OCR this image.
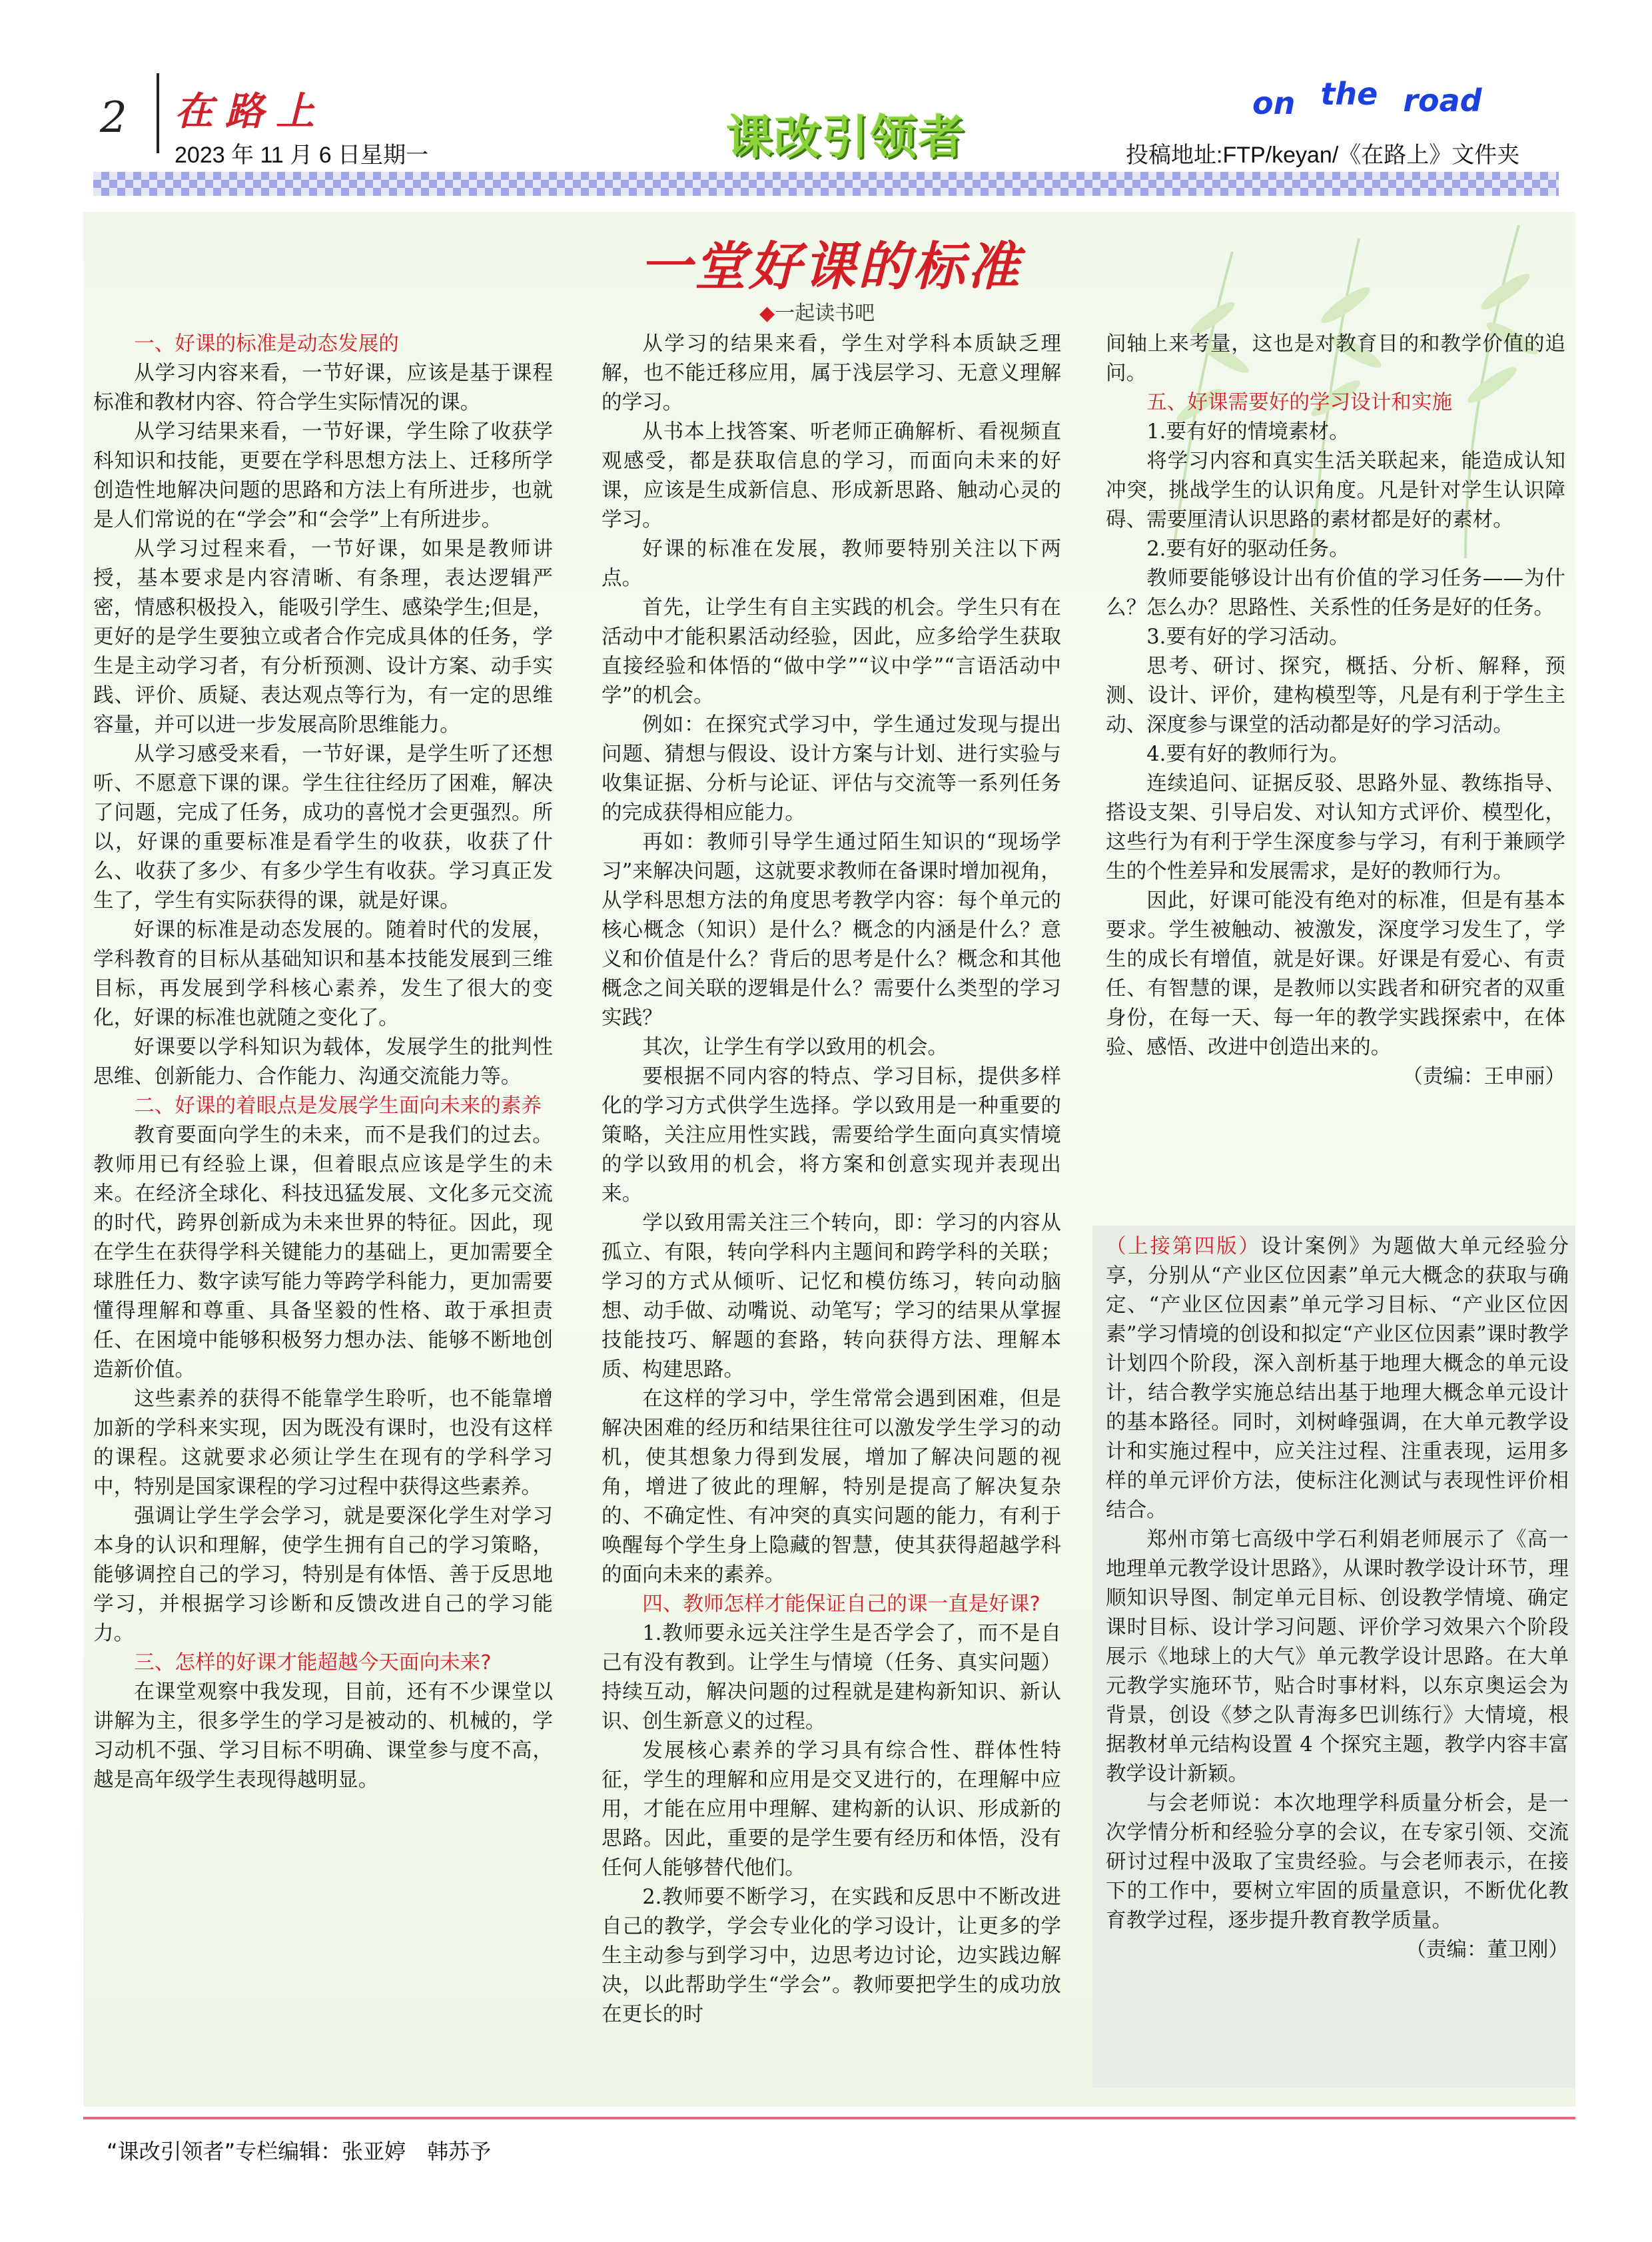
2 在路上
2023 年 11 月 6 日星期一	课改引领者
on the road
投稿地址:FTP/keyan/《在路上》文件夹
一堂好课的标准
◆一起读书吧
一、好课的标准是动态发展的

从学习内容来看，一节好课，应该是基于课程标准和教材内容、符合学生实际情况的课。

从学习结果来看，一节好课，学生除了收获学科知识和技能，更要在学科思想方法上、迁移所学创造性地解决问题的思路和方法上有所进步，也就是人们常说的在“学会”和“会学”上有所进步。

从学习过程来看，一节好课，如果是教师讲授，基本要求是内容清晰、有条理，表达逻辑严密，情感积极投入，能吸引学生、感染学生;但是，更好的是学生要独立或者合作完成具体的任务，学生是主动学习者，有分析预测、设计方案、动手实践、评价、质疑、表达观点等行为，有一定的思维容量，并可以进一步发展高阶思维能力。

从学习感受来看，一节好课，是学生听了还想听、不愿意下课的课。学生往往经历了困难，解决了问题，完成了任务，成功的喜悦才会更强烈。所以，好课的重要标准是看学生的收获，收获了什么、收获了多少、有多少学生有收获。学习真正发生了，学生有实际获得的课，就是好课。

好课的标准是动态发展的。随着时代的发展，学科教育的目标从基础知识和基本技能发展到三维目标，再发展到学科核心素养，发生了很大的变化，好课的标准也就随之变化了。

好课要以学科知识为载体，发展学生的批判性思维、创新能力、合作能力、沟通交流能力等。

二、好课的着眼点是发展学生面向未来的素养

教育要面向学生的未来，而不是我们的过去。教师用已有经验上课，但着眼点应该是学生的未来。在经济全球化、科技迅猛发展、文化多元交流的时代，跨界创新成为未来世界的特征。因此，现在学生在获得学科关键能力的基础上，更加需要全球胜任力、数字读写能力等跨学科能力，更加需要懂得理解和尊重、具备坚毅的性格、敢于承担责任、在困境中能够积极努力想办法、能够不断地创造新价值。

这些素养的获得不能靠学生聆听，也不能靠增加新的学科来实现，因为既没有课时，也没有这样的课程。这就要求必须让学生在现有的学科学习中，特别是国家课程的学习过程中获得这些素养。

强调让学生学会学习，就是要深化学生对学习本身的认识和理解，使学生拥有自己的学习策略，能够调控自己的学习，特别是有体悟、善于反思地学习，并根据学习诊断和反馈改进自己的学习能力。

三、怎样的好课才能超越今天面向未来?

在课堂观察中我发现，目前，还有不少课堂以讲解为主，很多学生的学习是被动的、机械的，学习动机不强、学习目标不明确、课堂参与度不高，越是高年级学生表现得越明显。

从学习的结果来看，学生对学科本质缺乏理解，也不能迁移应用，属于浅层学习、无意义理解的学习。

从书本上找答案、听老师正确解析、看视频直观感受，都是获取信息的学习，而面向未来的好课，应该是生成新信息、形成新思路、触动心灵的学习。

好课的标准在发展，教师要特别关注以下两点。

首先，让学生有自主实践的机会。学生只有在活动中才能积累活动经验，因此，应多给学生获取直接经验和体悟的“做中学”“议中学”“言语活动中学”的机会。

例如：在探究式学习中，学生通过发现与提出问题、猜想与假设、设计方案与计划、进行实验与收集证据、分析与论证、评估与交流等一系列任务的完成获得相应能力。

再如：教师引导学生通过陌生知识的“现场学习”来解决问题，这就要求教师在备课时增加视角，从学科思想方法的角度思考教学内容：每个单元的核心概念（知识）是什么？概念的内涵是什么？意义和价值是什么？背后的思考是什么？概念和其他概念之间关联的逻辑是什么？需要什么类型的学习实践？

其次，让学生有学以致用的机会。

要根据不同内容的特点、学习目标，提供多样化的学习方式供学生选择。学以致用是一种重要的策略，关注应用性实践，需要给学生面向真实情境的学以致用的机会，将方案和创意实现并表现出来。

学以致用需关注三个转向，即：学习的内容从孤立、有限，转向学科内主题间和跨学科的关联；学习的方式从倾听、记忆和模仿练习，转向动脑想、动手做、动嘴说、动笔写；学习的结果从掌握技能技巧、解题的套路，转向获得方法、理解本质、构建思路。

在这样的学习中，学生常常会遇到困难，但是解决困难的经历和结果往往可以激发学生学习的动机，使其想象力得到发展，增加了解决问题的视角，增进了彼此的理解，特别是提高了解决复杂的、不确定性、有冲突的真实问题的能力，有利于唤醒每个学生身上隐藏的智慧，使其获得超越学科的面向未来的素养。

四、教师怎样才能保证自己的课一直是好课?

1.教师要永远关注学生是否学会了，而不是自己有没有教到。让学生与情境（任务、真实问题）持续互动，解决问题的过程就是建构新知识、新认识、创生新意义的过程。

发展核心素养的学习具有综合性、群体性特征，学生的理解和应用是交叉进行的，在理解中应用，才能在应用中理解、建构新的认识、形成新的思路。因此，重要的是学生要有经历和体悟，没有任何人能够替代他们。

2.教师要不断学习，在实践和反思中不断改进自己的教学，学会专业化的学习设计，让更多的学生主动参与到学习中，边思考边讨论，边实践边解决，以此帮助学生“学会”。教师要把学生的成功放在更长的时

间轴上来考量，这也是对教育目的和教学价值的追问。

五、好课需要好的学习设计和实施

1.要有好的情境素材。

将学习内容和真实生活关联起来，能造成认知冲突，挑战学生的认识角度。凡是针对学生认识障碍、需要厘清认识思路的素材都是好的素材。

2.要有好的驱动任务。

教师要能够设计出有价值的学习任务——为什么？怎么办？思路性、关系性的任务是好的任务。

3.要有好的学习活动。

思考、研讨、探究，概括、分析、解释，预测、设计、评价，建构模型等，凡是有利于学生主动、深度参与课堂的活动都是好的学习活动。

4.要有好的教师行为。

连续追问、证据反驳、思路外显、教练指导、搭设支架、引导启发、对认知方式评价、模型化，这些行为有利于学生深度参与学习，有利于兼顾学生的个性差异和发展需求，是好的教师行为。

因此，好课可能没有绝对的标准，但是有基本要求。学生被触动、被激发，深度学习发生了，学生的成长有增值，就是好课。好课是有爱心、有责任、有智慧的课，是教师以实践者和研究者的双重身份，在每一天、每一年的教学实践探索中，在体验、感悟、改进中创造出来的。

（责编：王申丽）

（上接第四版）设计案例》为题做大单元经验分享，分别从“产业区位因素”单元大概念的获取与确定、“产业区位因素”单元学习目标、“产业区位因素”学习情境的创设和拟定“产业区位因素”课时教学计划四个阶段，深入剖析基于地理大概念的单元设计，结合教学实施总结出基于地理大概念单元设计的基本路径。同时，刘树峰强调，在大单元教学设计和实施过程中，应关注过程、注重表现，运用多样的单元评价方法，使标注化测试与表现性评价相结合。

郑州市第七高级中学石利娟老师展示了《高一地理单元教学设计思路》，从课时教学设计环节，理顺知识导图、制定单元目标、创设教学情境、确定课时目标、设计学习问题、评价学习效果六个阶段展示《地球上的大气》单元教学设计思路。在大单元教学实施环节，贴合时事材料，以东京奥运会为背景，创设《梦之队青海多巴训练行》大情境，根据教材单元结构设置 4 个探究主题，教学内容丰富教学设计新颖。

与会老师说：本次地理学科质量分析会，是一次学情分析和经验分享的会议，在专家引领、交流研讨过程中汲取了宝贵经验。与会老师表示，在接下的工作中，要树立牢固的质量意识，不断优化教育教学过程，逐步提升教育教学质量。

（责编：董卫刚）

“课改引领者”专栏编辑：张亚婷　韩苏予
